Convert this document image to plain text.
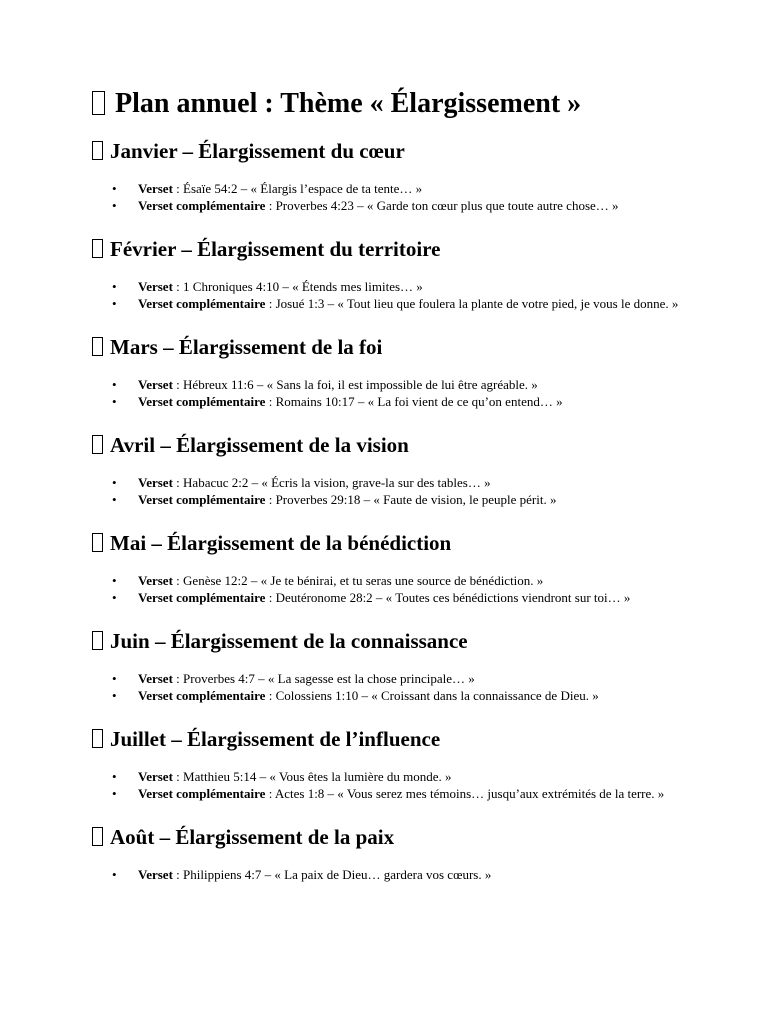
Plan annuel : Thème « Élargissement »
Janvier – Élargissement du cœur
• Verset : Ésaïe 54:2 – « Élargis l’espace de ta tente… »
• Verset complémentaire : Proverbes 4:23 – « Garde ton cœur plus que toute autre chose… »
Février – Élargissement du territoire
• Verset : 1 Chroniques 4:10 – « Étends mes limites… »
• Verset complémentaire : Josué 1:3 – « Tout lieu que foulera la plante de votre pied, je vous le donne. »
Mars – Élargissement de la foi
• Verset : Hébreux 11:6 – « Sans la foi, il est impossible de lui être agréable. »
• Verset complémentaire : Romains 10:17 – « La foi vient de ce qu’on entend… »
Avril – Élargissement de la vision
• Verset : Habacuc 2:2 – « Écris la vision, grave-la sur des tables… »
• Verset complémentaire : Proverbes 29:18 – « Faute de vision, le peuple périt. »
Mai – Élargissement de la bénédiction
• Verset : Genèse 12:2 – « Je te bénirai, et tu seras une source de bénédiction. »
• Verset complémentaire : Deutéronome 28:2 – « Toutes ces bénédictions viendront sur toi… »
Juin – Élargissement de la connaissance
• Verset : Proverbes 4:7 – « La sagesse est la chose principale… »
• Verset complémentaire : Colossiens 1:10 – « Croissant dans la connaissance de Dieu. »
Juillet – Élargissement de l’influence
• Verset : Matthieu 5:14 – « Vous êtes la lumière du monde. »
• Verset complémentaire : Actes 1:8 – « Vous serez mes témoins… jusqu’aux extrémités de la terre. »
Août – Élargissement de la paix
• Verset : Philippiens 4:7 – « La paix de Dieu… gardera vos cœurs. »
